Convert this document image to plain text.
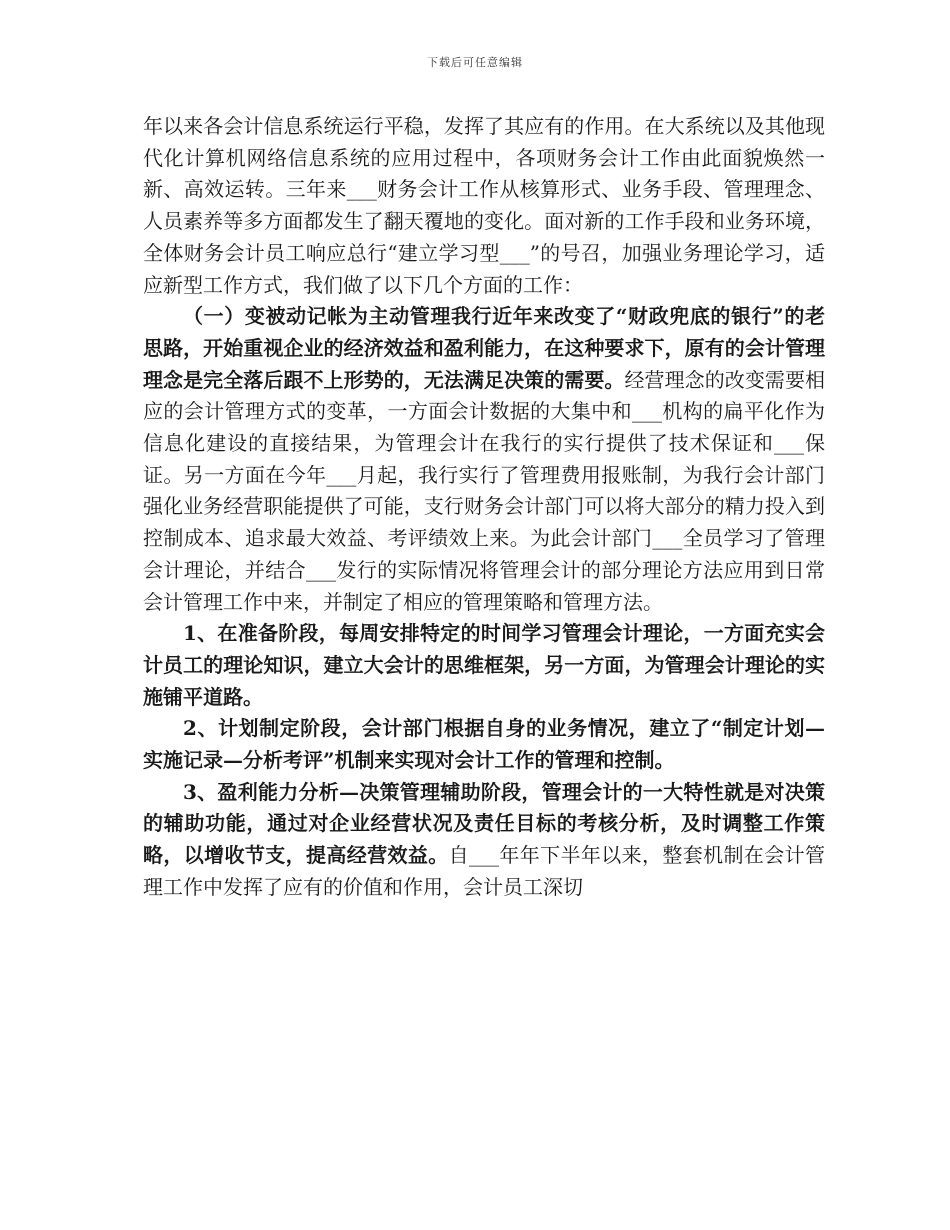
下载后可任意编辑

年以来各会计信息系统运行平稳，发挥了其应有的作用。在大系统以及其他现代化计算机网络信息系统的应用过程中，各项财务会计工作由此面貌焕然一新、高效运转。三年来___财务会计工作从核算形式、业务手段、管理理念、人员素养等多方面都发生了翻天覆地的变化。面对新的工作手段和业务环境，全体财务会计员工响应总行“建立学习型___”的号召，加强业务理论学习，适应新型工作方式，我们做了以下几个方面的工作：

（一）变被动记帐为主动管理我行近年来改变了“财政兜底的银行”的老思路，开始重视企业的经济效益和盈利能力，在这种要求下，原有的会计管理理念是完全落后跟不上形势的，无法满足决策的需要。经营理念的改变需要相应的会计管理方式的变革，一方面会计数据的大集中和___机构的扁平化作为信息化建设的直接结果，为管理会计在我行的实行提供了技术保证和___保证。另一方面在今年___月起，我行实行了管理费用报账制，为我行会计部门强化业务经营职能提供了可能，支行财务会计部门可以将大部分的精力投入到控制成本、追求最大效益、考评绩效上来。为此会计部门___全员学习了管理会计理论，并结合___发行的实际情况将管理会计的部分理论方法应用到日常会计管理工作中来，并制定了相应的管理策略和管理方法。

1、在准备阶段，每周安排特定的时间学习管理会计理论，一方面充实会计员工的理论知识，建立大会计的思维框架，另一方面，为管理会计理论的实施铺平道路。

2、计划制定阶段，会计部门根据自身的业务情况，建立了“制定计划—实施记录—分析考评”机制来实现对会计工作的管理和控制。

3、盈利能力分析—决策管理辅助阶段，管理会计的一大特性就是对决策的辅助功能，通过对企业经营状况及责任目标的考核分析，及时调整工作策略，以增收节支，提高经营效益。自___年年下半年以来，整套机制在会计管理工作中发挥了应有的价值和作用，会计员工深切
